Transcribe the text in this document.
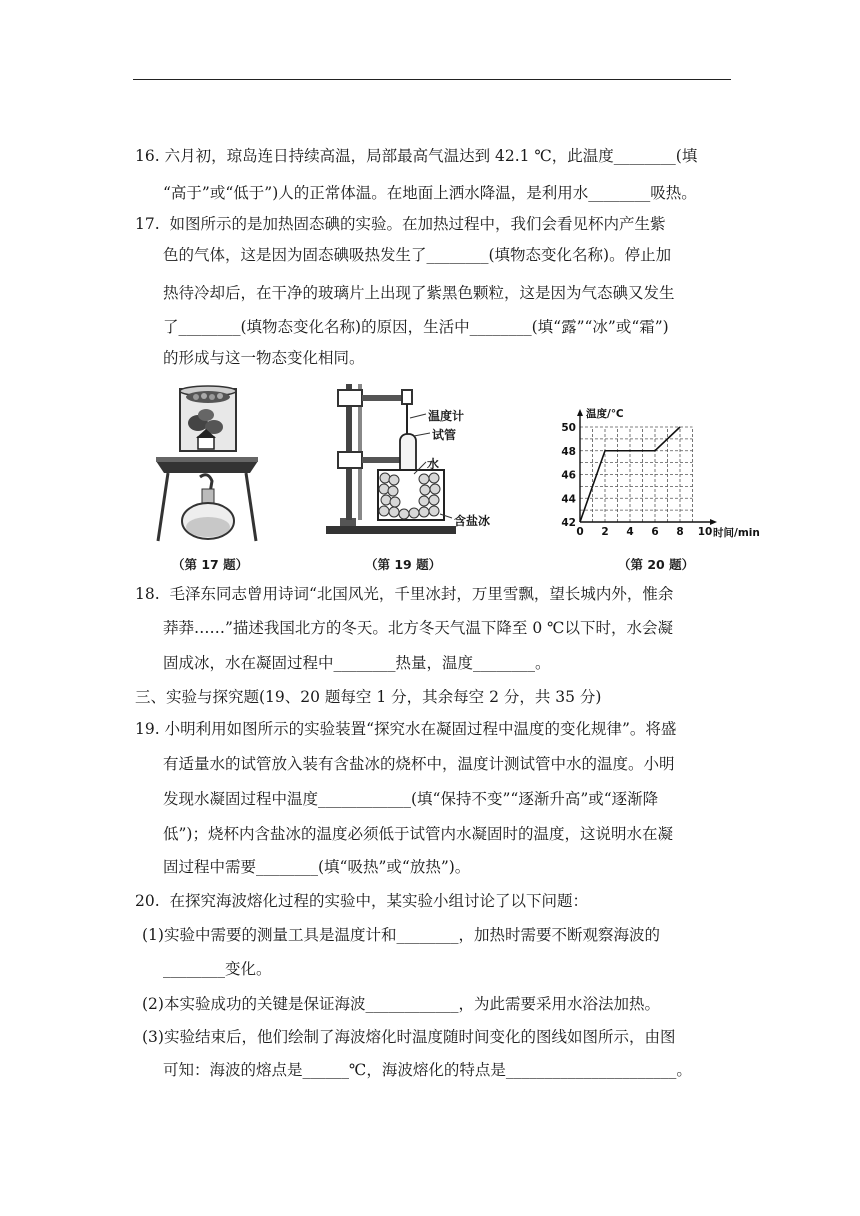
16. 六月初，琼岛连日持续高温，局部最高气温达到 42.1 ℃，此温度________(填
“高于”或“低于”)人的正常体温。在地面上洒水降温，是利用水________吸热。
17.  如图所示的是加热固态碘的实验。在加热过程中，我们会看见杯内产生紫
色的气体，这是因为固态碘吸热发生了________(填物态变化名称)。停止加
热待冷却后，在干净的玻璃片上出现了紫黑色颗粒，这是因为气态碘又发生
了________(填物态变化名称)的原因，生活中________(填“露”“冰”或“霜”)
的形成与这一物态变化相同。
（第 17 题）
温度计
试管
水
含盐冰
（第 19 题）
0 2 4 6 8 10
42
44
46
48
50
温度/℃
时间/min
（第 20 题）
18.  毛泽东同志曾用诗词“北国风光，千里冰封，万里雪飘，望长城内外，惟余
莽莽……”描述我国北方的冬天。北方冬天气温下降至 0 ℃以下时，水会凝
固成冰，水在凝固过程中________热量，温度________。
三、实验与探究题(19、20 题每空 1 分，其余每空 2 分，共 35 分)
19. 小明利用如图所示的实验装置“探究水在凝固过程中温度的变化规律”。将盛
有适量水的试管放入装有含盐冰的烧杯中，温度计测试管中水的温度。小明
发现水凝固过程中温度____________(填“保持不变”“逐渐升高”或“逐渐降
低”)；烧杯内含盐冰的温度必须低于试管内水凝固时的温度，这说明水在凝
固过程中需要________(填“吸热”或“放热”)。
20.  在探究海波熔化过程的实验中，某实验小组讨论了以下问题：
(1)实验中需要的测量工具是温度计和________，加热时需要不断观察海波的
________变化。
(2)本实验成功的关键是保证海波____________，为此需要采用水浴法加热。
(3)实验结束后，他们绘制了海波熔化时温度随时间变化的图线如图所示，由图
可知：海波的熔点是______℃，海波熔化的特点是______________________。
